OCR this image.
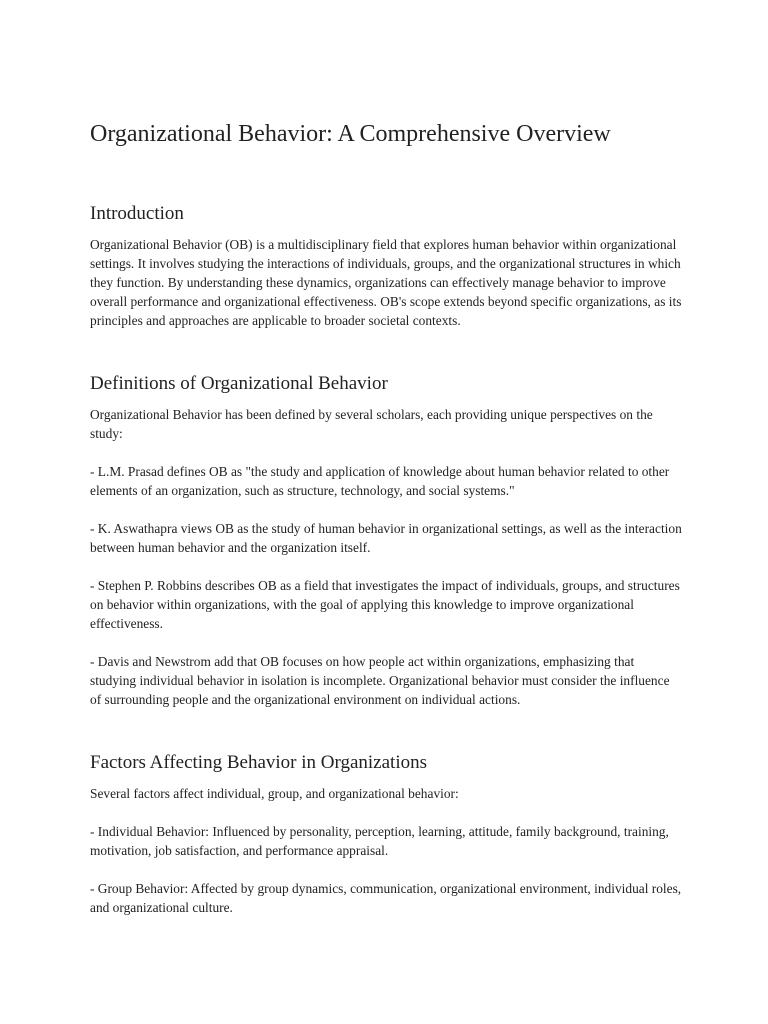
Organizational Behavior: A Comprehensive Overview
Introduction

Organizational Behavior (OB) is a multidisciplinary field that explores human behavior within organizational settings. It involves studying the interactions of individuals, groups, and the organizational structures in which they function. By understanding these dynamics, organizations can effectively manage behavior to improve overall performance and organizational effectiveness. OB's scope extends beyond specific organizations, as its principles and approaches are applicable to broader societal contexts.

Definitions of Organizational Behavior

Organizational Behavior has been defined by several scholars, each providing unique perspectives on the study:

- L.M. Prasad defines OB as "the study and application of knowledge about human behavior related to other elements of an organization, such as structure, technology, and social systems."

- K. Aswathapra views OB as the study of human behavior in organizational settings, as well as the interaction between human behavior and the organization itself.

- Stephen P. Robbins describes OB as a field that investigates the impact of individuals, groups, and structures on behavior within organizations, with the goal of applying this knowledge to improve organizational effectiveness.

- Davis and Newstrom add that OB focuses on how people act within organizations, emphasizing that studying individual behavior in isolation is incomplete. Organizational behavior must consider the influence of surrounding people and the organizational environment on individual actions.

Factors Affecting Behavior in Organizations

Several factors affect individual, group, and organizational behavior:

- Individual Behavior: Influenced by personality, perception, learning, attitude, family background, training, motivation, job satisfaction, and performance appraisal.

- Group Behavior: Affected by group dynamics, communication, organizational environment, individual roles, and organizational culture.
